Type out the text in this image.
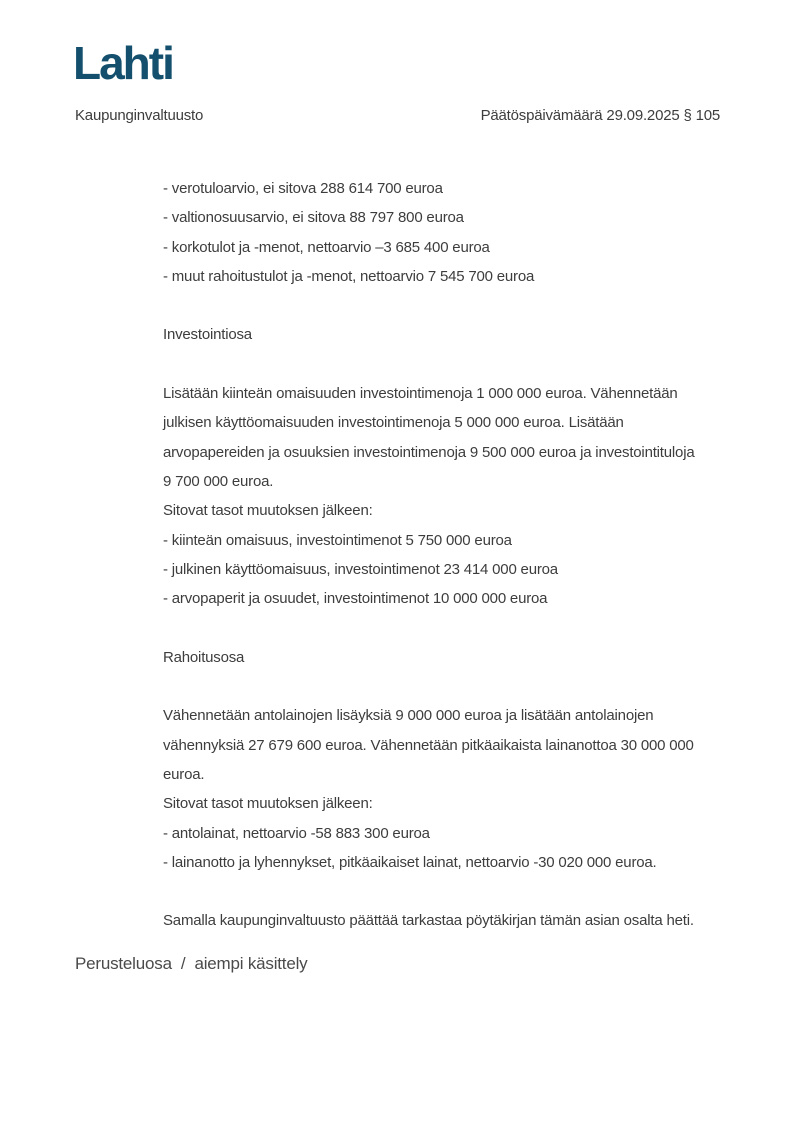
Lahti
Kaupunginvaltuusto	Päätöspäivämäärä 29.09.2025 § 105
- verotuloarvio, ei sitova 288 614 700 euroa
- valtionosuusarvio, ei sitova 88 797 800 euroa
- korkotulot ja -menot, nettoarvio –3 685 400 euroa
- muut rahoitustulot ja -menot, nettoarvio 7 545 700 euroa
Investointiosa
Lisätään kiinteän omaisuuden investointimenoja 1 000 000 euroa. Vähennetään
julkisen käyttöomaisuuden investointimenoja 5 000 000 euroa. Lisätään
arvopapereiden ja osuuksien investointimenoja 9 500 000 euroa ja investointituloja
9 700 000 euroa.
Sitovat tasot muutoksen jälkeen:
- kiinteän omaisuus, investointimenot 5 750 000 euroa
- julkinen käyttöomaisuus, investointimenot 23 414 000 euroa
- arvopaperit ja osuudet, investointimenot 10 000 000 euroa
Rahoitusosa
Vähennetään antolainojen lisäyksiä 9 000 000 euroa ja lisätään antolainojen
vähennyksiä 27 679 600 euroa. Vähennetään pitkäaikaista lainanottoa 30 000 000
euroa.
Sitovat tasot muutoksen jälkeen:
- antolainat, nettoarvio -58 883 300 euroa
- lainanotto ja lyhennykset, pitkäaikaiset lainat, nettoarvio -30 020 000 euroa.
Samalla kaupunginvaltuusto päättää tarkastaa pöytäkirjan tämän asian osalta heti.
Perusteluosa  /  aiempi käsittely
